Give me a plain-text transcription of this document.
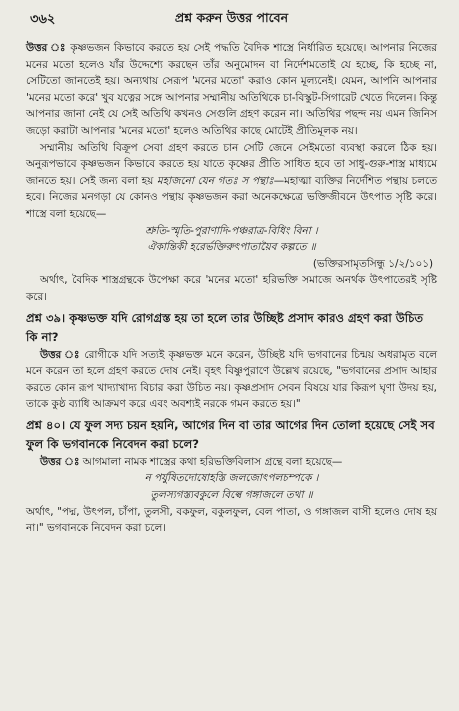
৩৬২	প্রশ্ন করুন উত্তর পাবেন

উত্তর ঃ কৃষ্ণভজন কিভাবে করতে হয় সেই পদ্ধতি বৈদিক শাস্ত্রে নির্ধারিত হয়েছে। আপনার নিজের মনের মতো হলেও যাঁর উদ্দেশ্যে করছেন তাঁর অনুমোদন বা নির্দেশমতোই যে হচ্ছে, কি হচ্ছে না, সেটিতো জানতেই হয়। অন্যথায় সেরূপ 'মনের মতো' করাও কোন মূল্যনেই। যেমন, আপনি আপনার 'মনের মতো করে' খুব যত্নের সঙ্গে আপনার সম্মানীয় অতিথিকে চা-বিস্কুট-সিগারেট খেতে দিলেন। কিন্তু আপনার জানা নেই যে সেই অতিথি কখনও সেগুলি গ্রহণ করেন না। অতিথির পছন্দ নয় এমন জিনিস জড়ো করাটা আপনার 'মনের মতো' হলেও অতিথির কাছে মোটেই প্রীতিমূলক নয়।

সম্মানীয় অতিথি বিক্রূপ সেবা গ্রহণ করতে চান সেটি জেনে সেইমতো ব্যবস্থা করলে ঠিক হয়। অনুরূপভাবে কৃষ্ণভজন কিভাবে করতে হয় যাতে কৃষ্ণের প্রীতি সাধিত হবে তা সাধু-গুরু-শাস্ত্র মাধ্যমে জানতে হয়। সেই জন্য বলা হয় মহাজনো যেন গতঃ স পন্থাঃ—মহাত্মা ব্যক্তির নির্দেশিত পন্থায় চলতে হবে। নিজের মনগড়া যে কোনও পন্থায় কৃষ্ণভজন করা অনেকক্ষেত্রে ভক্তিজীবনে উৎপাত সৃষ্টি করে। শাস্ত্রে বলা হয়েছে—

শ্রুতি-স্মৃতি-পুরাণাদি-পঞ্চরাত্র-বিধিং বিনা ।

ঐকান্তিকী হরের্ভক্তিরুৎপাতায়ৈব কল্পতে ॥

(ভক্তিরসামৃতসিন্ধু ১/২/১০১)

অর্থাৎ, বৈদিক শাস্ত্রগ্রন্থকে উপেক্ষা করে 'মনের মতো' হরিভক্তি সমাজে অনর্থক উৎপাতেরই সৃষ্টি করে।

প্রশ্ন ৩৯। কৃষ্ণভক্ত যদি রোগগ্রস্ত হয় তা হলে তার উচ্ছিষ্ট প্রসাদ কারও গ্রহণ করা উচিত কি না?

উত্তর ঃ রোগীকে যদি সত্যই কৃষ্ণভক্ত মনে করেন, উচ্ছিষ্ট যদি ভগবানের চিন্ময় অধরামৃত বলে মনে করেন তা হলে গ্রহণ করতে দোষ নেই। বৃহৎ বিষ্ণুপুরাণে উল্লেখ রয়েছে, "ভগবানের প্রসাদ আহার করতে কোন রূপ খাদ্যাখাদ্য বিচার করা উচিত নয়। কৃষ্ণপ্রসাদ সেবন বিষয়ে যার কিরূপ ঘৃণা উদয় হয়, তাকে কুষ্ঠ ব্যাধি আক্রমণ করে এবং অবশ্যই নরকে গমন করতে হয়।"

প্রশ্ন ৪০। যে ফুল সদ্য চয়ন হয়নি, আগের দিন বা তার আগের দিন তোলা হয়েছে সেই সব ফুল কি ভগবানকে নিবেদন করা চলে?

উত্তর ঃ আগমালা নামক শাস্ত্রের কথা হরিভক্তিবিলাস গ্রন্থে বলা হয়েছে—

ন পর্যুষিতদোষোহস্তি জলজোৎপলচম্পকে ।

তুলস্যগস্ত্যবকুলে বিল্বে গঙ্গাজলে তথা ॥

অর্থাৎ, "পদ্ম, উৎপল, চাঁপা, তুলসী, বকফুল, বকুলফুল, বেল পাতা, ও গঙ্গাজল বাসী হলেও দোষ হয় না।" ভগবানকে নিবেদন করা চলে।
